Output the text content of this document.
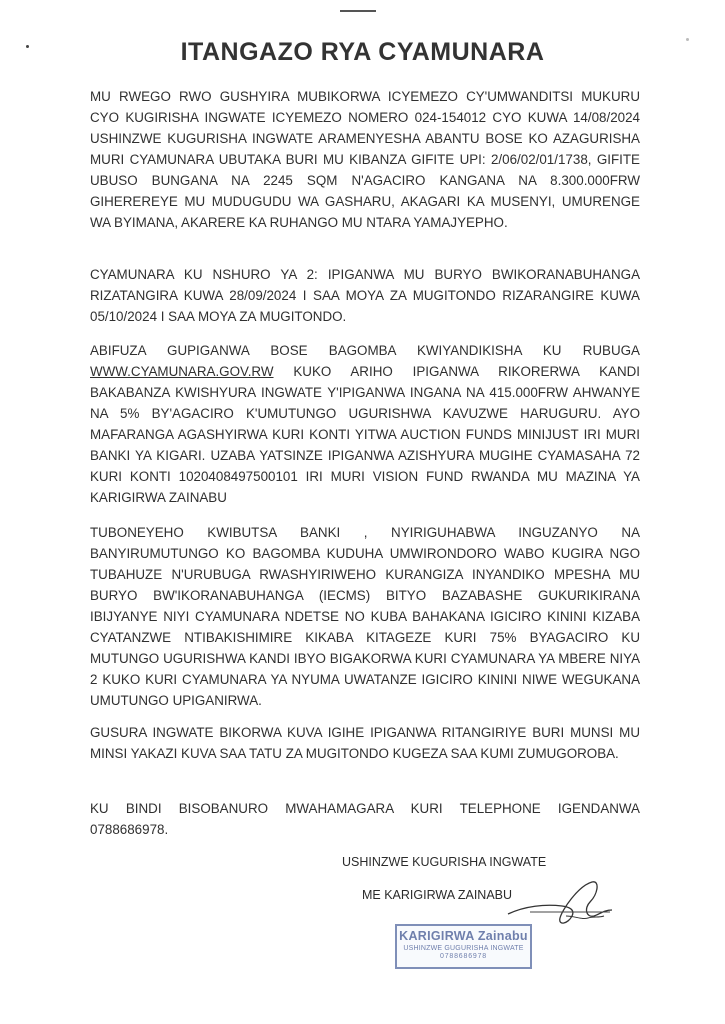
ITANGAZO RYA CYAMUNARA
MU RWEGO RWO GUSHYIRA MUBIKORWA ICYEMEZO CY'UMWANDITSI MUKURU CYO KUGIRISHA INGWATE ICYEMEZO NOMERO 024-154012 CYO KUWA 14/08/2024 USHINZWE KUGURISHA INGWATE ARAMENYESHA ABANTU BOSE KO AZAGURISHA MURI CYAMUNARA UBUTAKA BURI MU KIBANZA GIFITE UPI: 2/06/02/01/1738, GIFITE UBUSO BUNGANA NA 2245 SQM N'AGACIRO KANGANA NA 8.300.000FRW GIHEREREYE MU MUDUGUDU WA GASHARU, AKAGARI KA MUSENYI, UMURENGE WA BYIMANA, AKARERE KA RUHANGO MU NTARA YAMAJYEPHO.
CYAMUNARA KU NSHURO YA 2: IPIGANWA MU BURYO BWIKORANABUHANGA RIZATANGIRA KUWA 28/09/2024 I SAA MOYA ZA MUGITONDO RIZARANGIRE KUWA 05/10/2024 I SAA MOYA ZA MUGITONDO.
ABIFUZA GUPIGANWA BOSE BAGOMBA KWIYANDIKISHA KU RUBUGA WWW.CYAMUNARA.GOV.RW KUKO ARIHO IPIGANWA RIKORERWA KANDI BAKABANZA KWISHYURA INGWATE Y'IPIGANWA INGANA NA 415.000FRW AHWANYE NA 5% BY'AGACIRO K'UMUTUNGO UGURISHWA KAVUZWE HARUGURU. AYO MAFARANGA AGASHYIRWA KURI KONTI YITWA AUCTION FUNDS MINIJUST IRI MURI BANKI YA KIGARI. UZABA YATSINZE IPIGANWA AZISHYURA MUGIHE CYAMASAHA 72 KURI KONTI 1020408497500101 IRI MURI VISION FUND RWANDA MU MAZINA YA KARIGIRWA ZAINABU
TUBONEYEHO KWIBUTSA BANKI , NYIRIGUHABWA INGUZANYO NA BANYIRUMUTUNGO KO BAGOMBA KUDUHA UMWIRONDORO WABO KUGIRA NGO TUBAHUZE N'URUBUGA RWASHYIRIWEHO KURANGIZA INYANDIKO MPESHA MU BURYO BW'IKORANABUHANGA (IECMS) BITYO BAZABASHE GUKURIKIRANA IBIJYANYE NIYI CYAMUNARA NDETSE NO KUBA BAHAKANA IGICIRO KININI KIZABA CYATANZWE NTIBAKISHIMIRE KIKABA KITAGEZE KURI 75% BYAGACIRO KU MUTUNGO UGURISHWA KANDI IBYO BIGAKORWA KURI CYAMUNARA YA MBERE NIYA 2 KUKO KURI CYAMUNARA YA NYUMA UWATANZE IGICIRO KININI NIWE WEGUKANA UMUTUNGO UPIGANIRWA.
GUSURA INGWATE BIKORWA KUVA IGIHE IPIGANWA RITANGIRIYE BURI MUNSI MU MINSI YAKAZI KUVA SAA TATU ZA MUGITONDO KUGEZA SAA KUMI ZUMUGOROBA.
KU BINDI BISOBANURO MWAHAMAGARA KURI TELEPHONE IGENDANWA 0788686978.
USHINZWE KUGURISHA INGWATE
ME KARIGIRWA ZAINABU
KARIGIRWA Zainabu
USHINZWE GUGURISHA INGWATE
0788686978
